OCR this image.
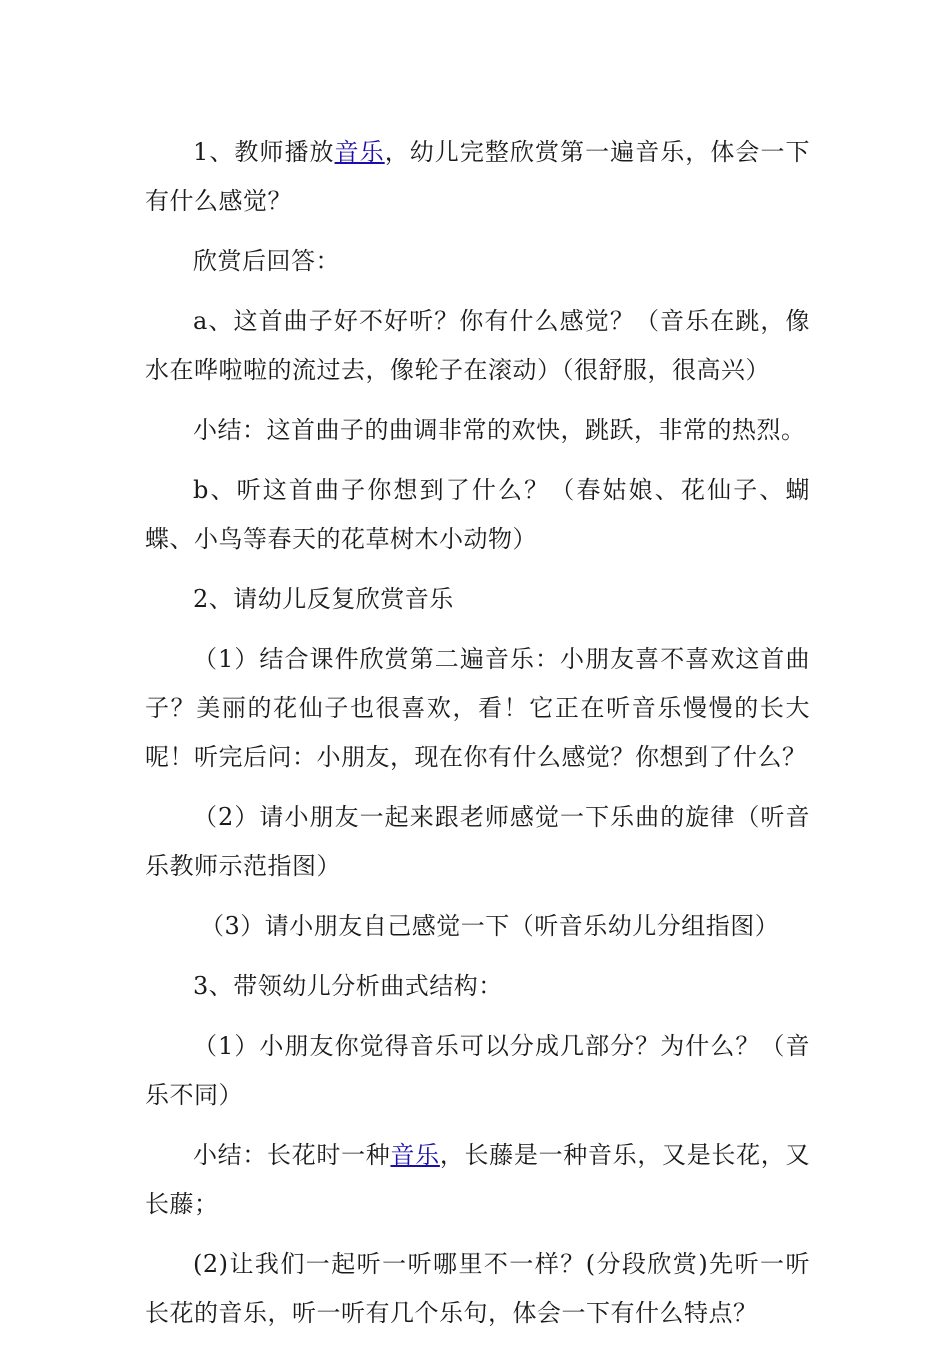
1、教师播放音乐，幼儿完整欣赏第一遍音乐，体会一下有什么感觉？

欣赏后回答：

a、这首曲子好不好听？你有什么感觉？（音乐在跳，像水在哗啦啦的流过去，像轮子在滚动）（很舒服，很高兴）

小结：这首曲子的曲调非常的欢快，跳跃，非常的热烈。

b、听这首曲子你想到了什么？（春姑娘、花仙子、蝴蝶、小鸟等春天的花草树木小动物）

2、请幼儿反复欣赏音乐

（1）结合课件欣赏第二遍音乐：小朋友喜不喜欢这首曲子？美丽的花仙子也很喜欢，看！它正在听音乐慢慢的长大呢！听完后问：小朋友，现在你有什么感觉？你想到了什么？

（2）请小朋友一起来跟老师感觉一下乐曲的旋律（听音乐教师示范指图）

（3）请小朋友自己感觉一下（听音乐幼儿分组指图）

3、带领幼儿分析曲式结构：

（1）小朋友你觉得音乐可以分成几部分？为什么？（音乐不同）

小结：长花时一种音乐，长藤是一种音乐，又是长花，又长藤；

(2)让我们一起听一听哪里不一样？(分段欣赏)先听一听长花的音乐，听一听有几个乐句，体会一下有什么特点？
